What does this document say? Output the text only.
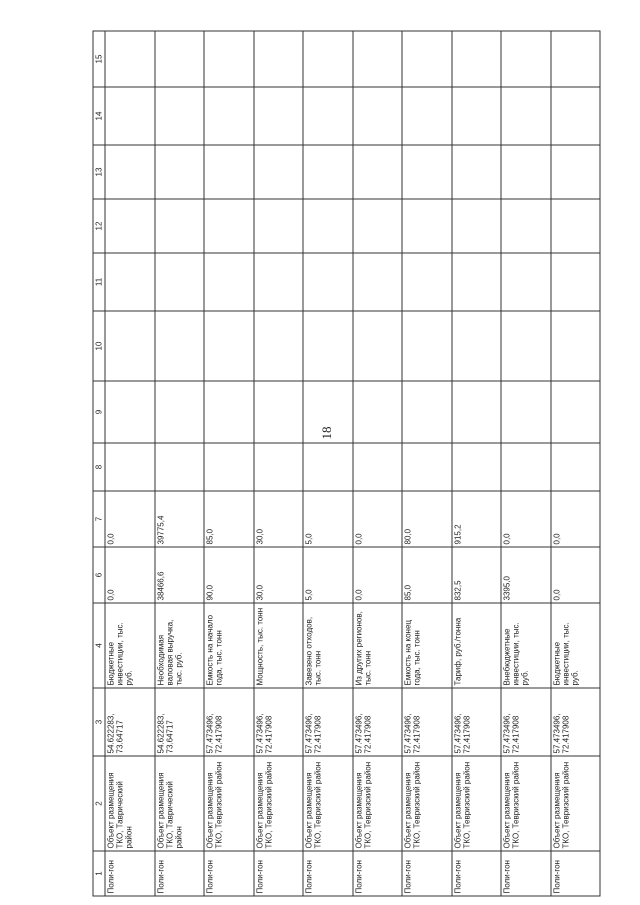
18
1	2	3	4	6	7	8	9	10	11	12	13	14	15
Поли-гон	Объект размещения ТКО, Таврический район	54.622283, 73.64717	Бюджетные инвестиции, тыс. руб.	0,0	0,0								
Поли-гон	Объект размещения ТКО, Таврический район	54.622283, 73.64717	Необходимая валовая выручка, тыс. руб.	38466,6	39775,4								
Поли-гон	Объект размещения ТКО, Тевризский район	57.473496, 72.417908	Емкость на начало года, тыс. тонн	90,0	85,0								
Поли-гон	Объект размещения ТКО, Тевризский район	57.473496, 72.417908	Мощность, тыс. тонн	30,0	30,0								
Поли-гон	Объект размещения ТКО, Тевризский район	57.473496, 72.417908	Завезено отходов, тыс. тонн	5,0	5,0								
Поли-гон	Объект размещения ТКО, Тевризский район	57.473496, 72.417908	Из других регионов, тыс. тонн	0,0	0,0								
Поли-гон	Объект размещения ТКО, Тевризский район	57.473496, 72.417908	Емкость на конец года, тыс. тонн	85,0	80,0								
Поли-гон	Объект размещения ТКО, Тевризский район	57.473496, 72.417908	Тариф, руб./тонна	832,5	915,2								
Поли-гон	Объект размещения ТКО, Тевризский район	57.473496, 72.417908	Внебюджетные инвестиции, тыс. руб.	3395,0	0,0								
Поли-гон	Объект размещения ТКО, Тевризский район	57.473496, 72.417908	Бюджетные инвестиции, тыс. руб.	0,0	0,0								
